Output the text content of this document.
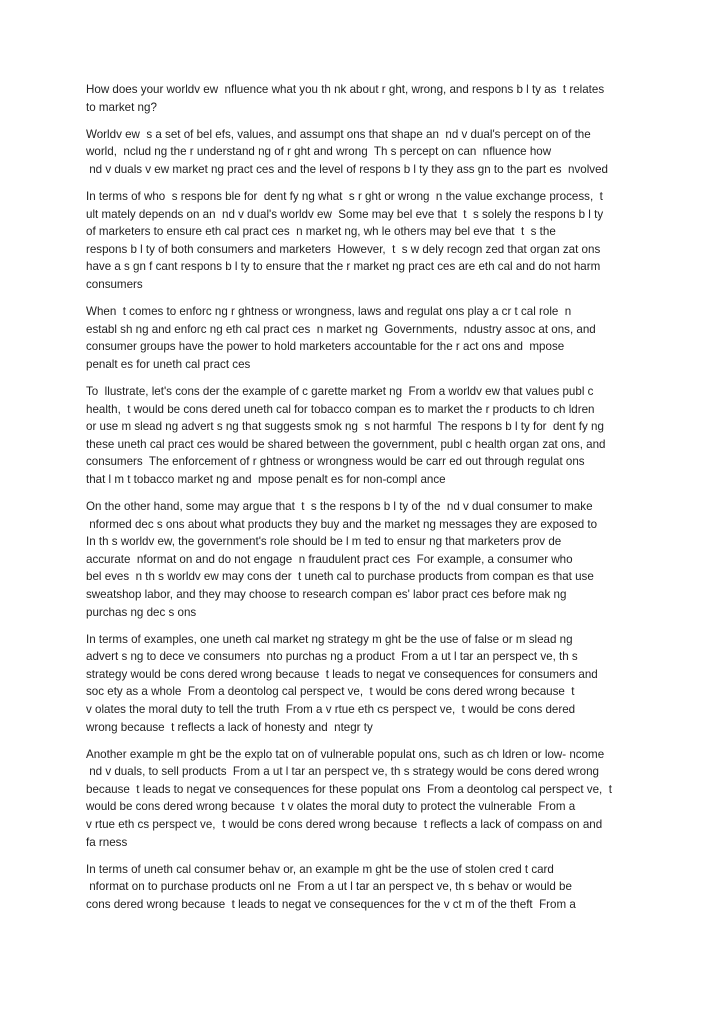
How does your worldv ew  nfluence what you th nk about r ght, wrong, and respons b l ty as  t relates
to market ng?

Worldv ew  s a set of bel efs, values, and assumpt ons that shape an  nd v dual's percept on of the
world,  nclud ng the r understand ng of r ght and wrong  Th s percept on can  nfluence how
nd v duals v ew market ng pract ces and the level of respons b l ty they ass gn to the part es  nvolved

In terms of who  s respons ble for  dent fy ng what  s r ght or wrong  n the value exchange process,  t
ult mately depends on an  nd v dual's worldv ew  Some may bel eve that  t  s solely the respons b l ty
of marketers to ensure eth cal pract ces  n market ng, wh le others may bel eve that  t  s the
respons b l ty of both consumers and marketers  However,  t  s w dely recogn zed that organ zat ons
have a s gn f cant respons b l ty to ensure that the r market ng pract ces are eth cal and do not harm
consumers

When  t comes to enforc ng r ghtness or wrongness, laws and regulat ons play a cr t cal role  n
establ sh ng and enforc ng eth cal pract ces  n market ng  Governments,  ndustry assoc at ons, and
consumer groups have the power to hold marketers accountable for the r act ons and  mpose
penalt es for uneth cal pract ces

To  llustrate, let's cons der the example of c garette market ng  From a worldv ew that values publ c
health,  t would be cons dered uneth cal for tobacco compan es to market the r products to ch ldren
or use m slead ng advert s ng that suggests smok ng  s not harmful  The respons b l ty for  dent fy ng
these uneth cal pract ces would be shared between the government, publ c health organ zat ons, and
consumers  The enforcement of r ghtness or wrongness would be carr ed out through regulat ons
that l m t tobacco market ng and  mpose penalt es for non-compl ance

On the other hand, some may argue that  t  s the respons b l ty of the  nd v dual consumer to make
nformed dec s ons about what products they buy and the market ng messages they are exposed to
In th s worldv ew, the government's role should be l m ted to ensur ng that marketers prov de
accurate  nformat on and do not engage  n fraudulent pract ces  For example, a consumer who
bel eves  n th s worldv ew may cons der  t uneth cal to purchase products from compan es that use
sweatshop labor, and they may choose to research compan es' labor pract ces before mak ng
purchas ng dec s ons

In terms of examples, one uneth cal market ng strategy m ght be the use of false or m slead ng
advert s ng to dece ve consumers  nto purchas ng a product  From a ut l tar an perspect ve, th s
strategy would be cons dered wrong because  t leads to negat ve consequences for consumers and
soc ety as a whole  From a deontolog cal perspect ve,  t would be cons dered wrong because  t
v olates the moral duty to tell the truth  From a v rtue eth cs perspect ve,  t would be cons dered
wrong because  t reflects a lack of honesty and  ntegr ty

Another example m ght be the explo tat on of vulnerable populat ons, such as ch ldren or low- ncome
nd v duals, to sell products  From a ut l tar an perspect ve, th s strategy would be cons dered wrong
because  t leads to negat ve consequences for these populat ons  From a deontolog cal perspect ve,  t
would be cons dered wrong because  t v olates the moral duty to protect the vulnerable  From a
v rtue eth cs perspect ve,  t would be cons dered wrong because  t reflects a lack of compass on and
fa rness

In terms of uneth cal consumer behav or, an example m ght be the use of stolen cred t card
nformat on to purchase products onl ne  From a ut l tar an perspect ve, th s behav or would be
cons dered wrong because  t leads to negat ve consequences for the v ct m of the theft  From a
